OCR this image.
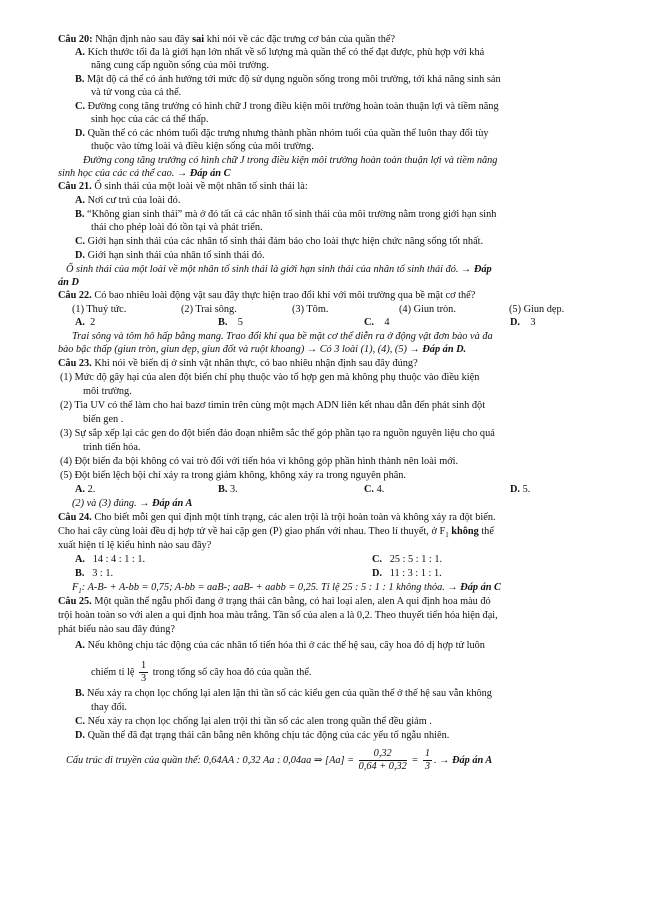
Câu 20: Nhận định nào sau đây sai khi nói về các đặc trưng cơ bản của quần thể?
A. Kích thước tối đa là giới hạn lớn nhất về số lượng mà quần thể có thể đạt được, phù hợp với khả
năng cung cấp nguồn sống của môi trường.
B. Mật độ cá thể có ảnh hưởng tới mức độ sử dụng nguồn sống trong môi trường, tới khả năng sinh sản
và tử vong của cá thể.
C. Đường cong tăng trưởng có hình chữ J trong điều kiện môi trường hoàn toàn thuận lợi và tiềm năng
sinh học của các cá thể thấp.
D. Quần thể có các nhóm tuổi đặc trưng nhưng thành phần nhóm tuổi của quần thể luôn thay đổi tùy
thuộc vào từng loài và điều kiện sống của môi trường.
Đường cong tăng trưởng có hình chữ J trong điều kiện môi trường hoàn toàn thuận lợi và tiềm năng
sinh học của các cá thể cao. → Đáp án C
Câu 21. Ổ sinh thái của một loài về một nhân tố sinh thái là:
A. Nơi cư trú của loài đó.
B. “Không gian sinh thái” mà ở đó tất cả các nhân tố sinh thái của môi trường nằm trong giới hạn sinh
thái cho phép loài đó tồn tại và phát triển.
C. Giới hạn sinh thái của các nhân tố sinh thái đảm bảo cho loài thực hiện chức năng sống tốt nhất.
D. Giới hạn sinh thái của nhân tố sinh thái đó.
Ổ sinh thái của một loài về một nhân tố sinh thái là giới hạn sinh thái của nhân tố sinh thái đó. → Đáp
án D
Câu 22. Có bao nhiêu loài động vật sau đây thực hiện trao đổi khí với môi trường qua bề mặt cơ thể?
(1) Thuỷ tức.	(2) Trai sông.	(3) Tôm.	(4) Giun tròn.	(5) Giun dẹp.
A. 2	B. 5	C. 4	D. 3
Trai sông và tôm hô hấp bằng mang. Trao đổi khí qua bề mặt cơ thể diễn ra ở động vật đơn bào và đa
bào bậc thấp (giun tròn, giun dẹp, giun đốt và ruột khoang) → Có 3 loài (1), (4), (5) → Đáp án D.
Câu 23. Khi nói về biến dị ở sinh vật nhân thực, có bao nhiêu nhận định sau đây đúng?
(1) Mức độ gây hại của alen đột biến chỉ phụ thuộc vào tổ hợp gen mà không phụ thuộc vào điều kiện
môi trường.
(2) Tia UV có thể làm cho hai bazơ timin trên cùng một mạch ADN liên kết nhau dẫn đến phát sinh đột
biến gen .
(3) Sự sắp xếp lại các gen do đột biến đảo đoạn nhiễm sắc thể góp phần tạo ra nguồn nguyên liệu cho quá
trình tiến hóa.
(4) Đột biến đa bội không có vai trò đối với tiến hóa vì không góp phần hình thành nên loài mới.
(5) Đột biến lệch bội chỉ xảy ra trong giảm không, không xảy ra trong nguyên phân.
A. 2.	B. 3.	C. 4.	D. 5.
(2) và (3) đúng. → Đáp án A
Câu 24. Cho biết mỗi gen qui định một tính trạng, các alen trội là trội hoàn toàn và không xảy ra đột biến.
Cho hai cây cùng loài đều dị hợp tử về hai cặp gen (P) giao phấn với nhau. Theo lí thuyết, ở $F_1$ không thể
xuất hiện tỉ lệ kiểu hình nào sau đây?
A. 14 : 4 : 1 : 1.	C. 25 : 5 : 1 : 1.
B. 3 : 1.	D. 11 : 3 : 1 : 1.
$F_1$: A-B- + A-bb = 0,75; A-bb = aaB-; aaB- + aabb = 0,25. Tỉ lệ 25 : 5 : 1 : 1 không thỏa. → Đáp án C
Câu 25. Một quần thể ngẫu phối đang ở trạng thái cân bằng, có hai loại alen, alen A qui định hoa màu đỏ
trội hoàn toàn so với alen a qui định hoa màu trắng. Tần số của alen a là 0,2. Theo thuyết tiến hóa hiện đại,
phát biểu nào sau đây đúng?
A. Nếu không chịu tác động của các nhân tố tiến hóa thì ở các thế hệ sau, cây hoa đỏ dị hợp tử luôn
chiếm tỉ lệ $\frac{1}{3}$ trong tổng số cây hoa đỏ của quần thể.
B. Nếu xảy ra chọn lọc chống lại alen lặn thì tần số các kiểu gen của quần thể ở thế hệ sau vẫn không
thay đổi.
C. Nếu xảy ra chọn lọc chống lại alen trội thì tần số các alen trong quần thể đều giảm .
D. Quần thể đã đạt trạng thái cân bằng nên không chịu tác động của các yếu tố ngẫu nhiên.
Cấu trúc di truyền của quần thể: 0,64AA : 0,32 Aa : 0,04aa ⇒ $[Aa] = \frac{0,32}{0,64 + 0,32} = \frac{1}{3}$ . → Đáp án A
